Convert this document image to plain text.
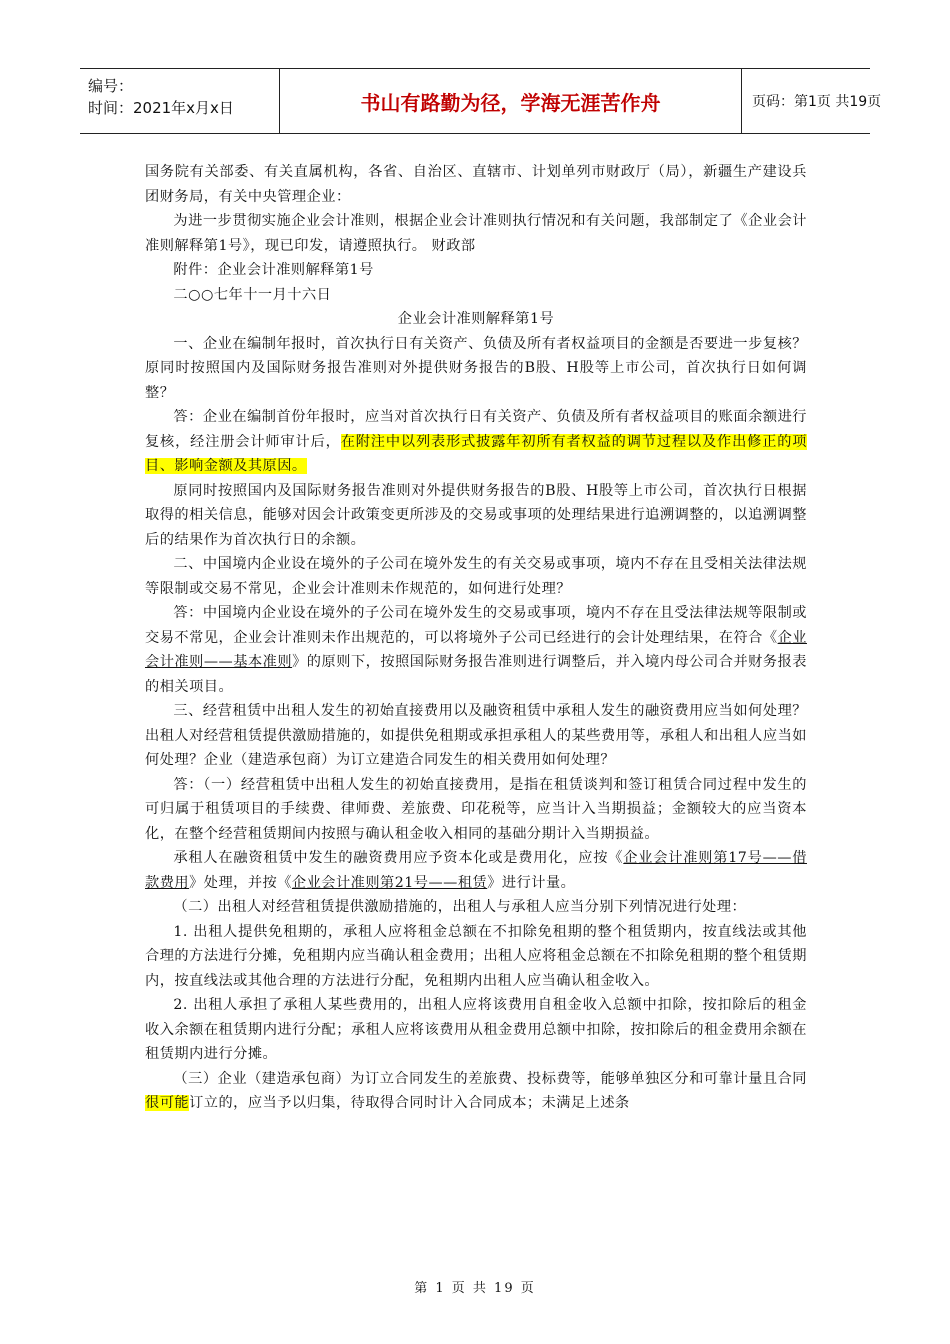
编号：
时间：2021年x月x日	书山有路勤为径，学海无涯苦作舟	页码：第1页 共19页

国务院有关部委、有关直属机构，各省、自治区、直辖市、计划单列市财政厅（局），新疆生产建设兵团财务局，有关中央管理企业：

为进一步贯彻实施企业会计准则，根据企业会计准则执行情况和有关问题，我部制定了《企业会计准则解释第1号》，现已印发，请遵照执行。 财政部

附件：企业会计准则解释第1号

二○○七年十一月十六日

企业会计准则解释第1号

一、企业在编制年报时，首次执行日有关资产、负债及所有者权益项目的金额是否要进一步复核？原同时按照国内及国际财务报告准则对外提供财务报告的B股、H股等上市公司，首次执行日如何调整？

答：企业在编制首份年报时，应当对首次执行日有关资产、负债及所有者权益项目的账面余额进行复核，经注册会计师审计后，在附注中以列表形式披露年初所有者权益的调节过程以及作出修正的项目、影响金额及其原因。

原同时按照国内及国际财务报告准则对外提供财务报告的B股、H股等上市公司，首次执行日根据取得的相关信息，能够对因会计政策变更所涉及的交易或事项的处理结果进行追溯调整的，以追溯调整后的结果作为首次执行日的余额。

二、中国境内企业设在境外的子公司在境外发生的有关交易或事项，境内不存在且受相关法律法规等限制或交易不常见，企业会计准则未作规范的，如何进行处理？

答：中国境内企业设在境外的子公司在境外发生的交易或事项，境内不存在且受法律法规等限制或交易不常见，企业会计准则未作出规范的，可以将境外子公司已经进行的会计处理结果，在符合《企业会计准则——基本准则》的原则下，按照国际财务报告准则进行调整后，并入境内母公司合并财务报表的相关项目。

三、经营租赁中出租人发生的初始直接费用以及融资租赁中承租人发生的融资费用应当如何处理？出租人对经营租赁提供激励措施的，如提供免租期或承担承租人的某些费用等，承租人和出租人应当如何处理？企业（建造承包商）为订立建造合同发生的相关费用如何处理？

答：（一）经营租赁中出租人发生的初始直接费用，是指在租赁谈判和签订租赁合同过程中发生的可归属于租赁项目的手续费、律师费、差旅费、印花税等，应当计入当期损益；金额较大的应当资本化，在整个经营租赁期间内按照与确认租金收入相同的基础分期计入当期损益。

承租人在融资租赁中发生的融资费用应予资本化或是费用化，应按《企业会计准则第17号——借款费用》处理，并按《企业会计准则第21号——租赁》进行计量。

（二）出租人对经营租赁提供激励措施的，出租人与承租人应当分别下列情况进行处理：

1. 出租人提供免租期的，承租人应将租金总额在不扣除免租期的整个租赁期内，按直线法或其他合理的方法进行分摊，免租期内应当确认租金费用；出租人应将租金总额在不扣除免租期的整个租赁期内，按直线法或其他合理的方法进行分配，免租期内出租人应当确认租金收入。

2. 出租人承担了承租人某些费用的，出租人应将该费用自租金收入总额中扣除，按扣除后的租金收入余额在租赁期内进行分配；承租人应将该费用从租金费用总额中扣除，按扣除后的租金费用余额在租赁期内进行分摊。

（三）企业（建造承包商）为订立合同发生的差旅费、投标费等，能够单独区分和可靠计量且合同很可能订立的，应当予以归集，待取得合同时计入合同成本；未满足上述条

第 1 页 共 19 页
